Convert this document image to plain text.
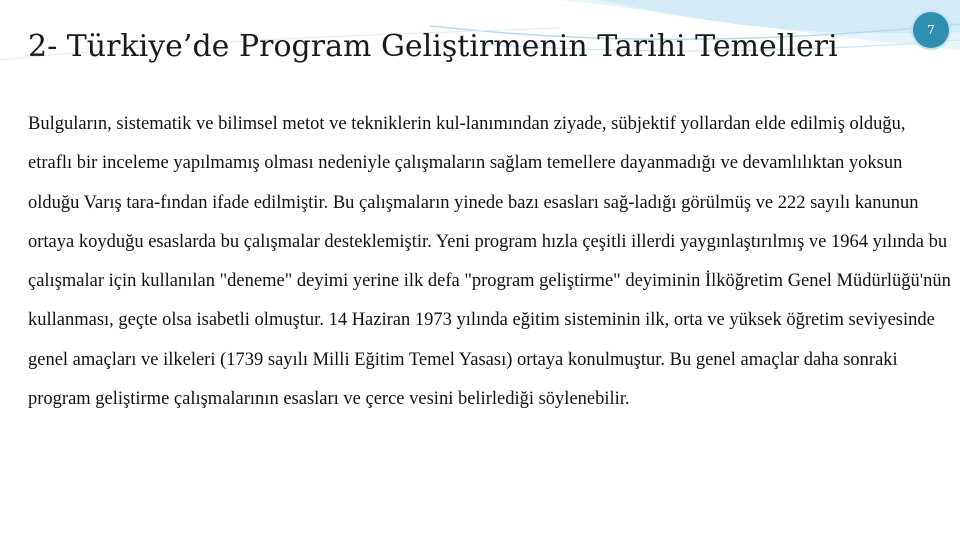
2- Türkiye’de Program Geliştirmenin Tarihi Temelleri	7

Bulguların, sistematik ve bilimsel metot ve tekniklerin kul-lanımından ziyade, sübjektif yollardan elde edilmiş olduğu, etraflı bir inceleme yapılmamış olması nedeniyle çalışmaların sağlam temellere dayanmadığı ve devamlılıktan yoksun olduğu Varış tara-fından ifade edilmiştir. Bu çalışmaların yinede bazı esasları sağ-ladığı görülmüş ve 222 sayılı kanunun ortaya koyduğu esaslarda bu çalışmalar desteklemiştir. Yeni program hızla çeşitli illerdi yaygınlaştırılmış ve 1964 yılında bu çalışmalar için kullanılan "deneme" deyimi yerine ilk defa "program geliştirme" deyiminin İlköğretim Genel Müdürlüğü'nün kullanması, geçte olsa isabetli olmuştur. 14 Haziran 1973 yılında eğitim sisteminin ilk, orta ve yüksek öğretim seviyesinde genel amaçları ve ilkeleri (1739 sayılı Milli Eğitim Temel Yasası) ortaya konulmuştur. Bu genel amaçlar daha sonraki program geliştirme çalışmalarının esasları ve çerce vesini belirlediği söylenebilir.
